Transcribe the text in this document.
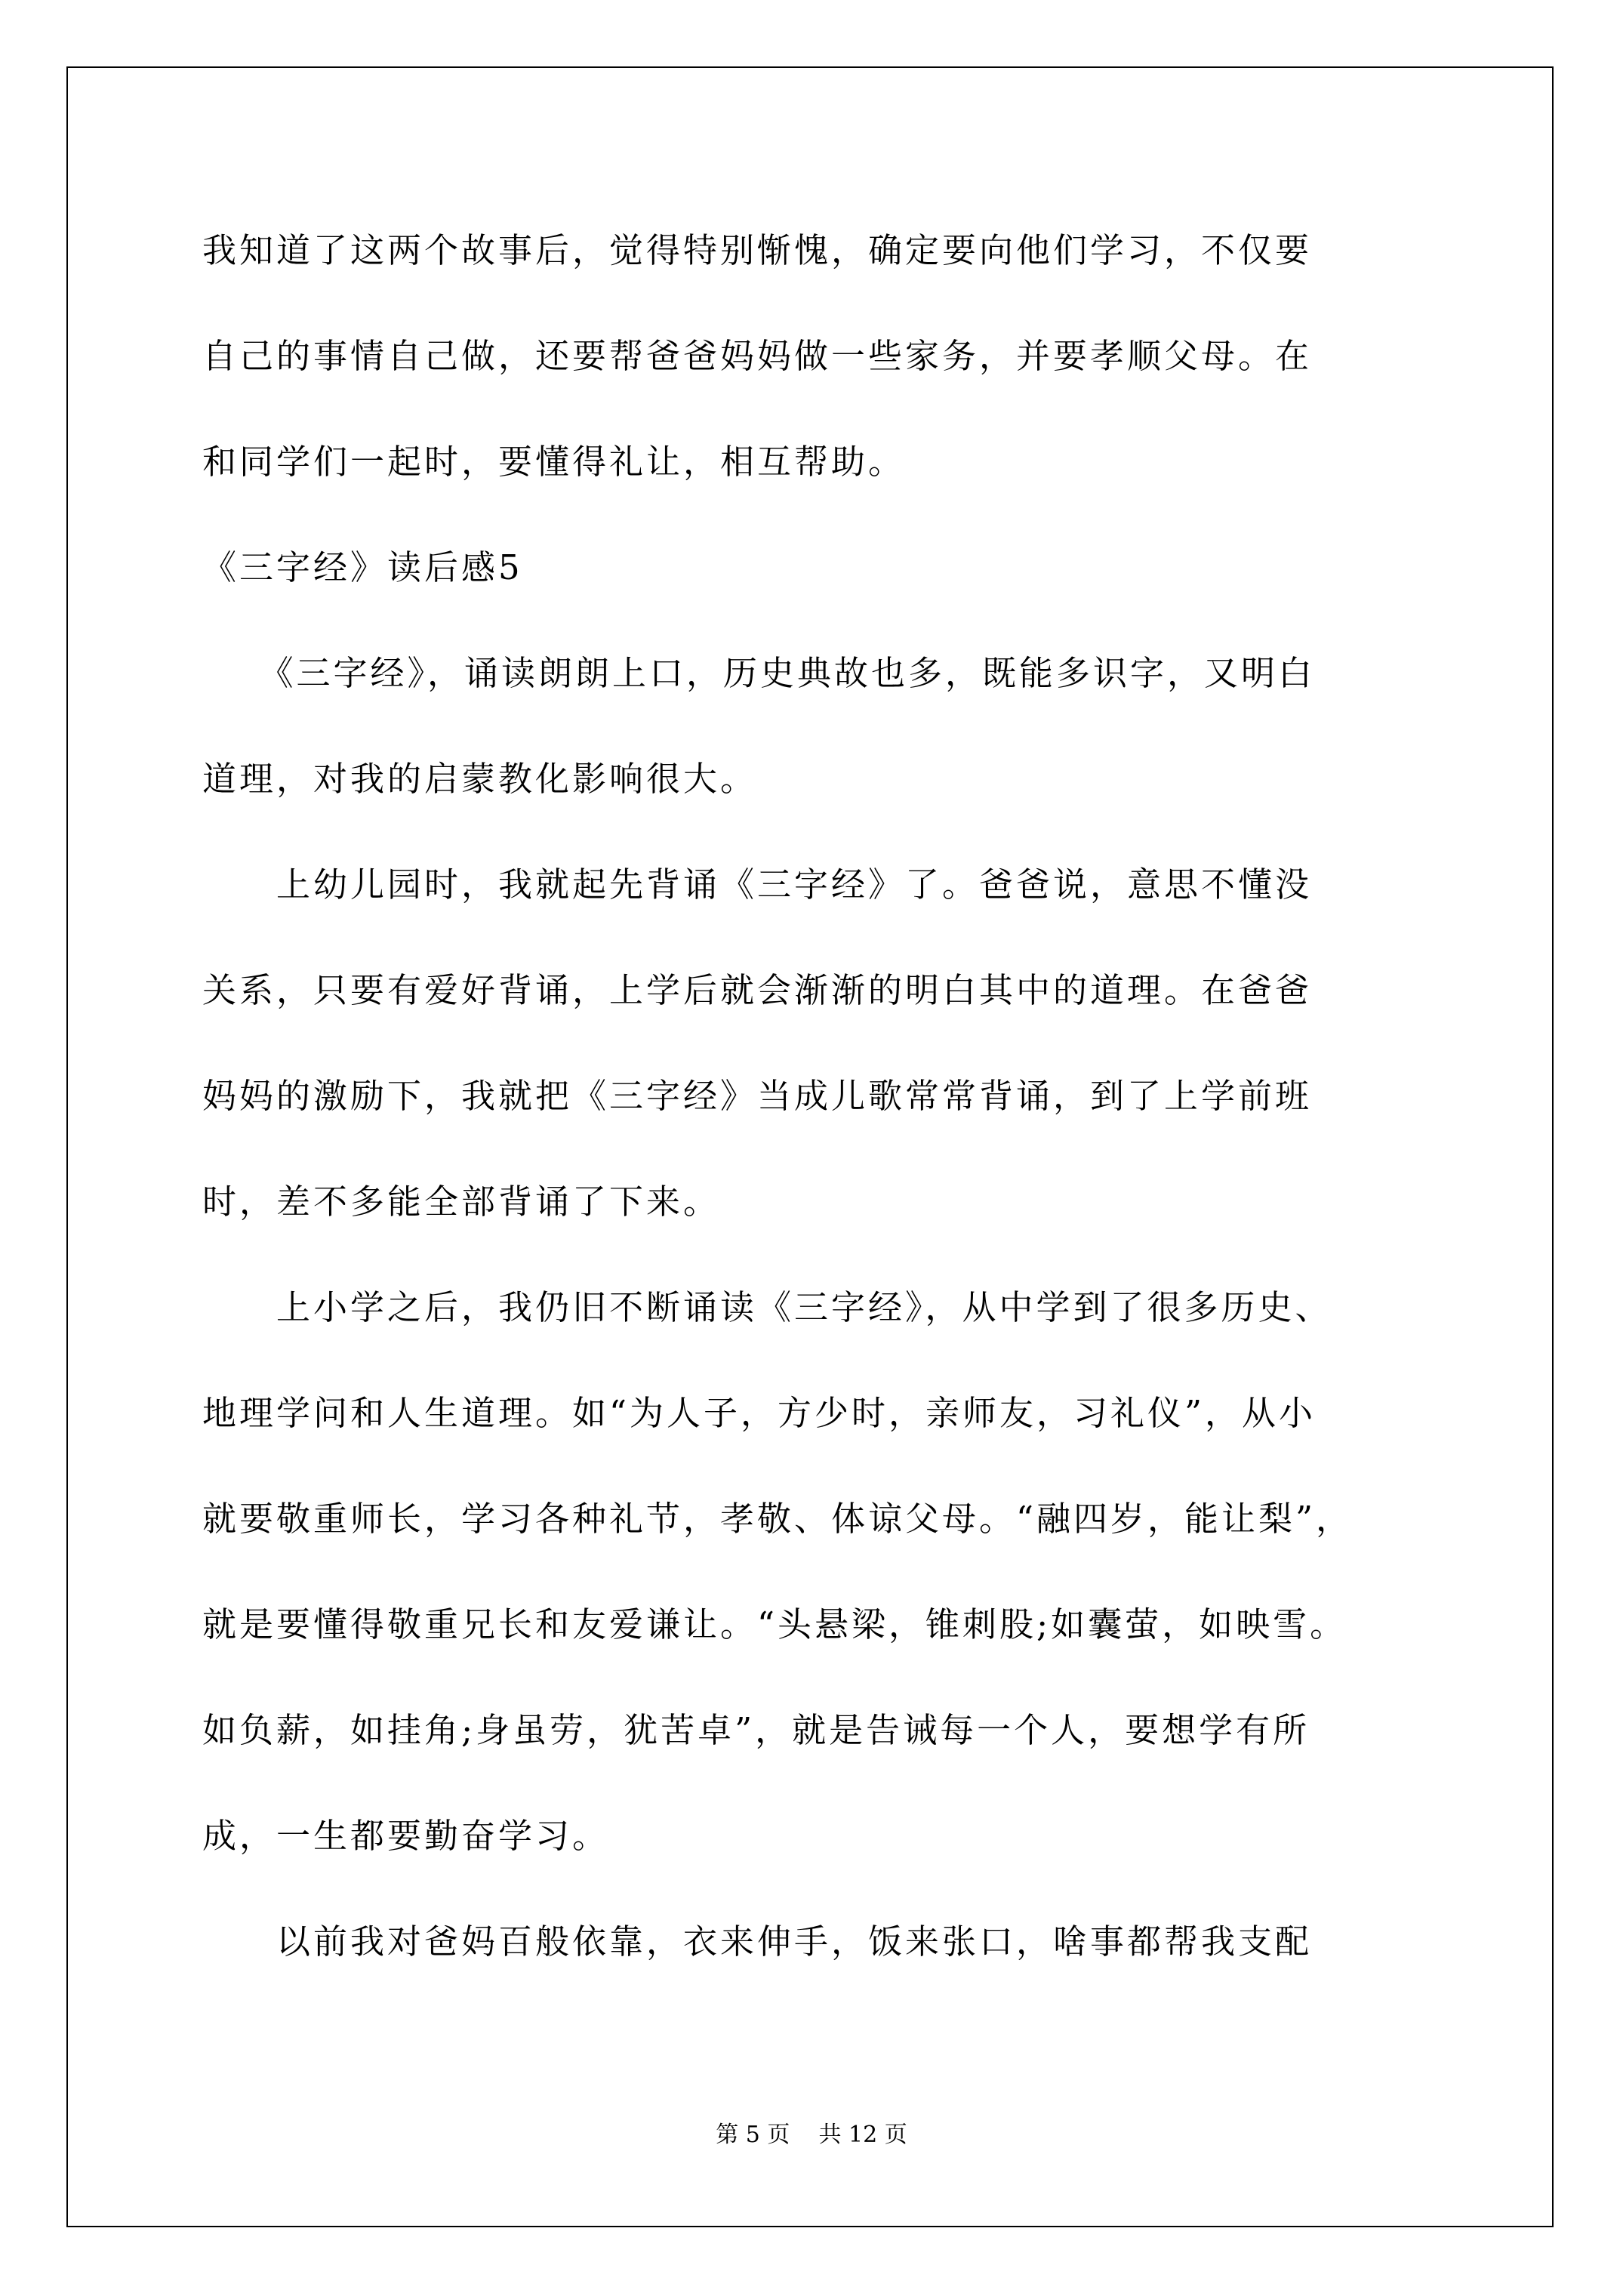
我知道了这两个故事后，觉得特别惭愧，确定要向他们学习，不仅要
自己的事情自己做，还要帮爸爸妈妈做一些家务，并要孝顺父母。在
和同学们一起时，要懂得礼让，相互帮助。
《三字经》读后感5
　　《三字经》，诵读朗朗上口，历史典故也多，既能多识字，又明白
道理，对我的启蒙教化影响很大。
　　上幼儿园时，我就起先背诵《三字经》了。爸爸说，意思不懂没
关系，只要有爱好背诵，上学后就会渐渐的明白其中的道理。在爸爸
妈妈的激励下，我就把《三字经》当成儿歌常常背诵，到了上学前班
时，差不多能全部背诵了下来。
　　上小学之后，我仍旧不断诵读《三字经》，从中学到了很多历史、
地理学问和人生道理。如“为人子，方少时，亲师友，习礼仪”，从小
就要敬重师长，学习各种礼节，孝敬、体谅父母。“融四岁，能让梨”，
就是要懂得敬重兄长和友爱谦让。“头悬梁，锥刺股;如囊萤，如映雪。
如负薪，如挂角;身虽劳，犹苦卓”，就是告诫每一个人，要想学有所
成，一生都要勤奋学习。
　　以前我对爸妈百般依靠，衣来伸手，饭来张口，啥事都帮我支配
第 5 页    共 12 页
